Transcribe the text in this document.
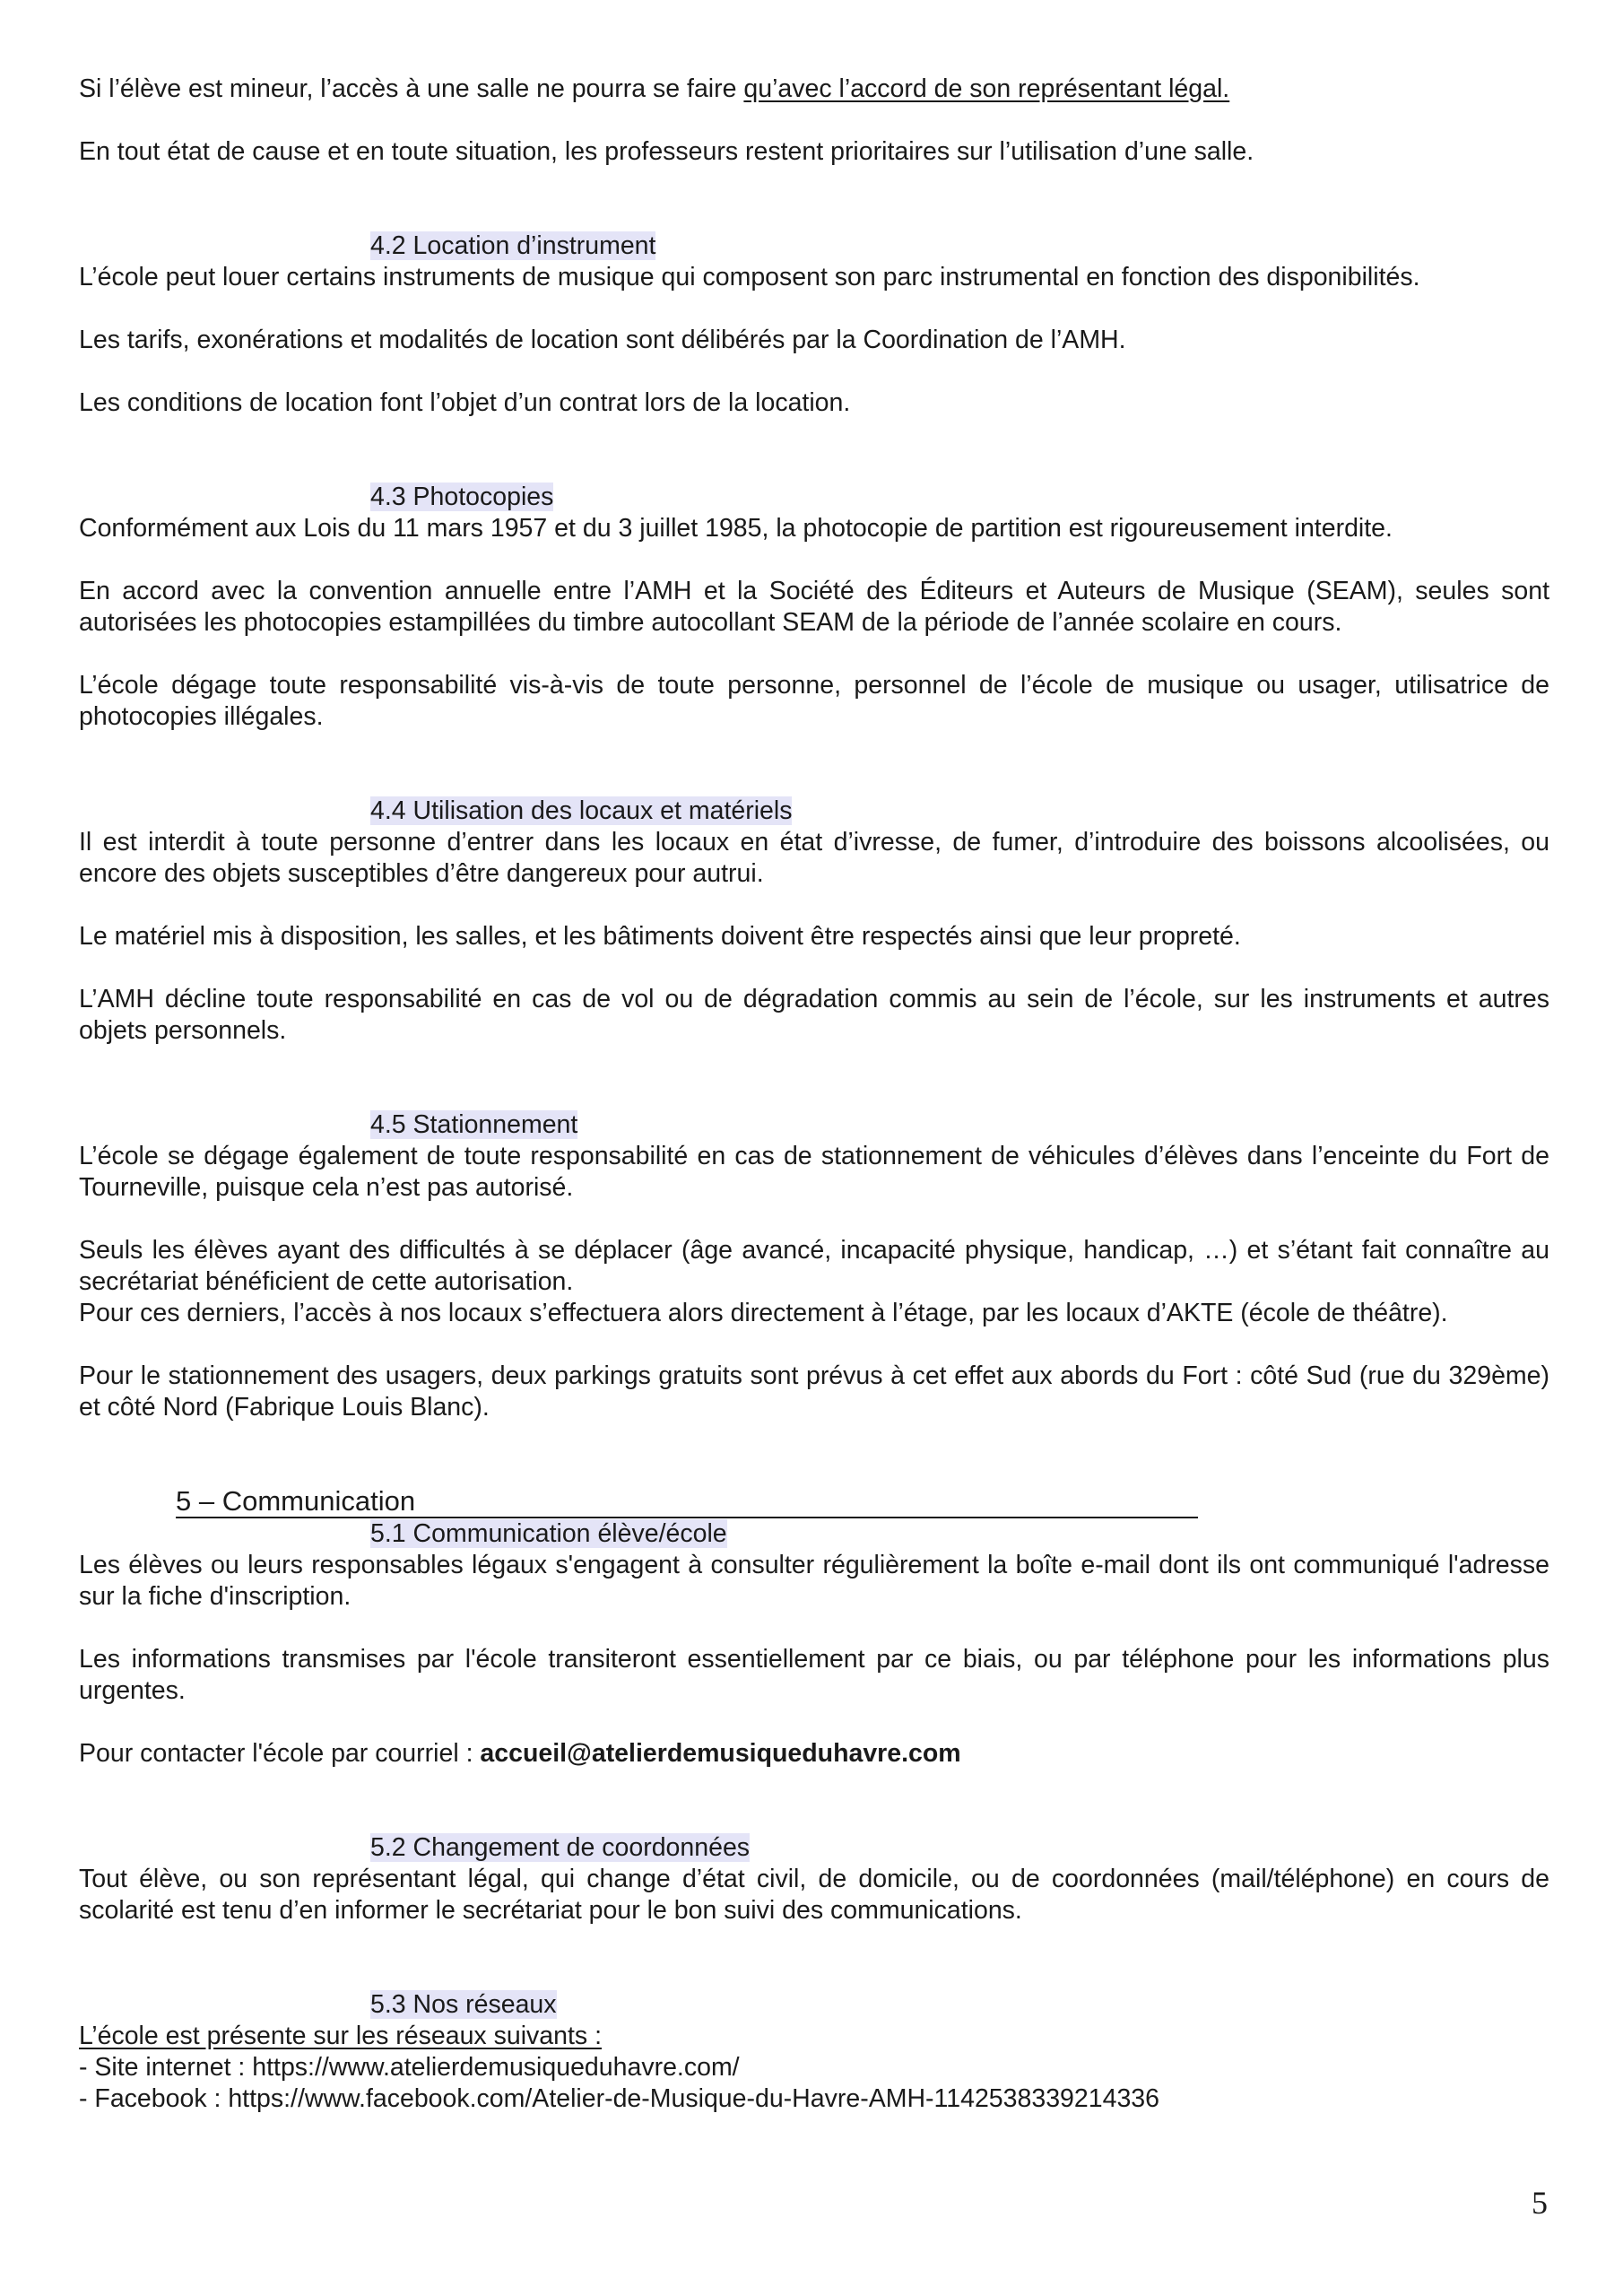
Si l’élève est mineur, l’accès à une salle ne pourra se faire qu’avec l’accord de son représentant légal.

En tout état de cause et en toute situation, les professeurs restent prioritaires sur l’utilisation d’une salle.

4.2 Location d’instrument

L’école peut louer certains instruments de musique qui composent son parc instrumental en fonction des disponibilités.

Les tarifs, exonérations et modalités de location sont délibérés par la Coordination de l’AMH.

Les conditions de location font l’objet d’un contrat lors de la location.

4.3 Photocopies

Conformément aux Lois du 11 mars 1957 et du 3 juillet 1985, la photocopie de partition est rigoureusement interdite.

En accord avec la convention annuelle entre l’AMH et la Société des Éditeurs et Auteurs de Musique (SEAM), seules sont autorisées les photocopies estampillées du timbre autocollant SEAM de la période de l’année scolaire en cours.

L’école dégage toute responsabilité vis-à-vis de toute personne, personnel de l’école de musique ou usager, utilisatrice de photocopies illégales.

4.4 Utilisation des locaux et matériels

Il est interdit à toute personne d’entrer dans les locaux en état d’ivresse, de fumer, d’introduire des boissons alcoolisées, ou encore des objets susceptibles d’être dangereux pour autrui.

Le matériel mis à disposition, les salles, et les bâtiments doivent être respectés ainsi que leur propreté.

L’AMH décline toute responsabilité en cas de vol ou de dégradation commis au sein de l’école, sur les instruments et autres objets personnels.

4.5 Stationnement

L’école se dégage également de toute responsabilité en cas de stationnement de véhicules d’élèves dans l’enceinte du Fort de Tourneville, puisque cela n’est pas autorisé.

Seuls les élèves ayant des difficultés à se déplacer (âge avancé, incapacité physique, handicap, …) et s’étant fait connaître au secrétariat bénéficient de cette autorisation.

Pour ces derniers, l’accès à nos locaux s’effectuera alors directement à l’étage, par les locaux d’AKTE (école de théâtre).

Pour le stationnement des usagers, deux parkings gratuits sont prévus à cet effet aux abords du Fort : côté Sud (rue du 329ème) et côté Nord (Fabrique Louis Blanc).

5 – Communication
5.1 Communication élève/école

Les élèves ou leurs responsables légaux s'engagent à consulter régulièrement la boîte e-mail dont ils ont communiqué l'adresse sur la fiche d'inscription.

Les informations transmises par l'école transiteront essentiellement par ce biais, ou par téléphone pour les informations plus urgentes.

Pour contacter l'école par courriel : accueil@atelierdemusiqueduhavre.com

5.2 Changement de coordonnées

Tout élève, ou son représentant légal, qui change d’état civil, de domicile, ou de coordonnées (mail/téléphone) en cours de scolarité est tenu d’en informer le secrétariat pour le bon suivi des communications.

5.3 Nos réseaux

L’école est présente sur les réseaux suivants :

- Site internet : https://www.atelierdemusiqueduhavre.com/

- Facebook : https://www.facebook.com/Atelier-de-Musique-du-Havre-AMH-1142538339214336

5
